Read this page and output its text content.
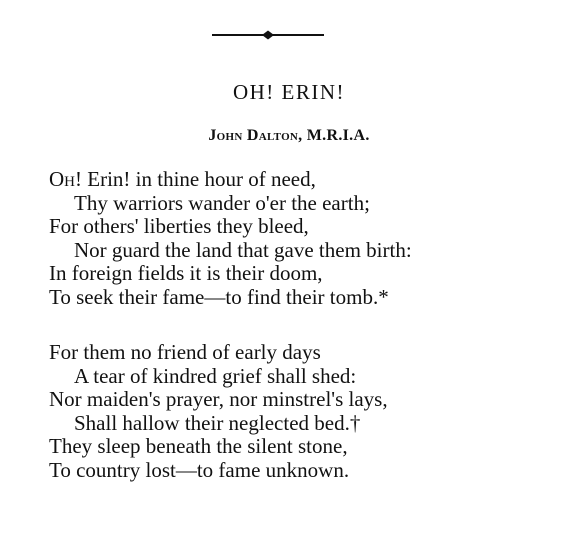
OH! ERIN!
John Dalton, M.R.I.A.
Oh! Erin! in thine hour of need,
Thy warriors wander o'er the earth;
For others' liberties they bleed,
Nor guard the land that gave them birth:
In foreign fields it is their doom,
To seek their fame—to find their tomb.*
For them no friend of early days
A tear of kindred grief shall shed:
Nor maiden's prayer, nor minstrel's lays,
Shall hallow their neglected bed.†
They sleep beneath the silent stone,
To country lost—to fame unknown.
